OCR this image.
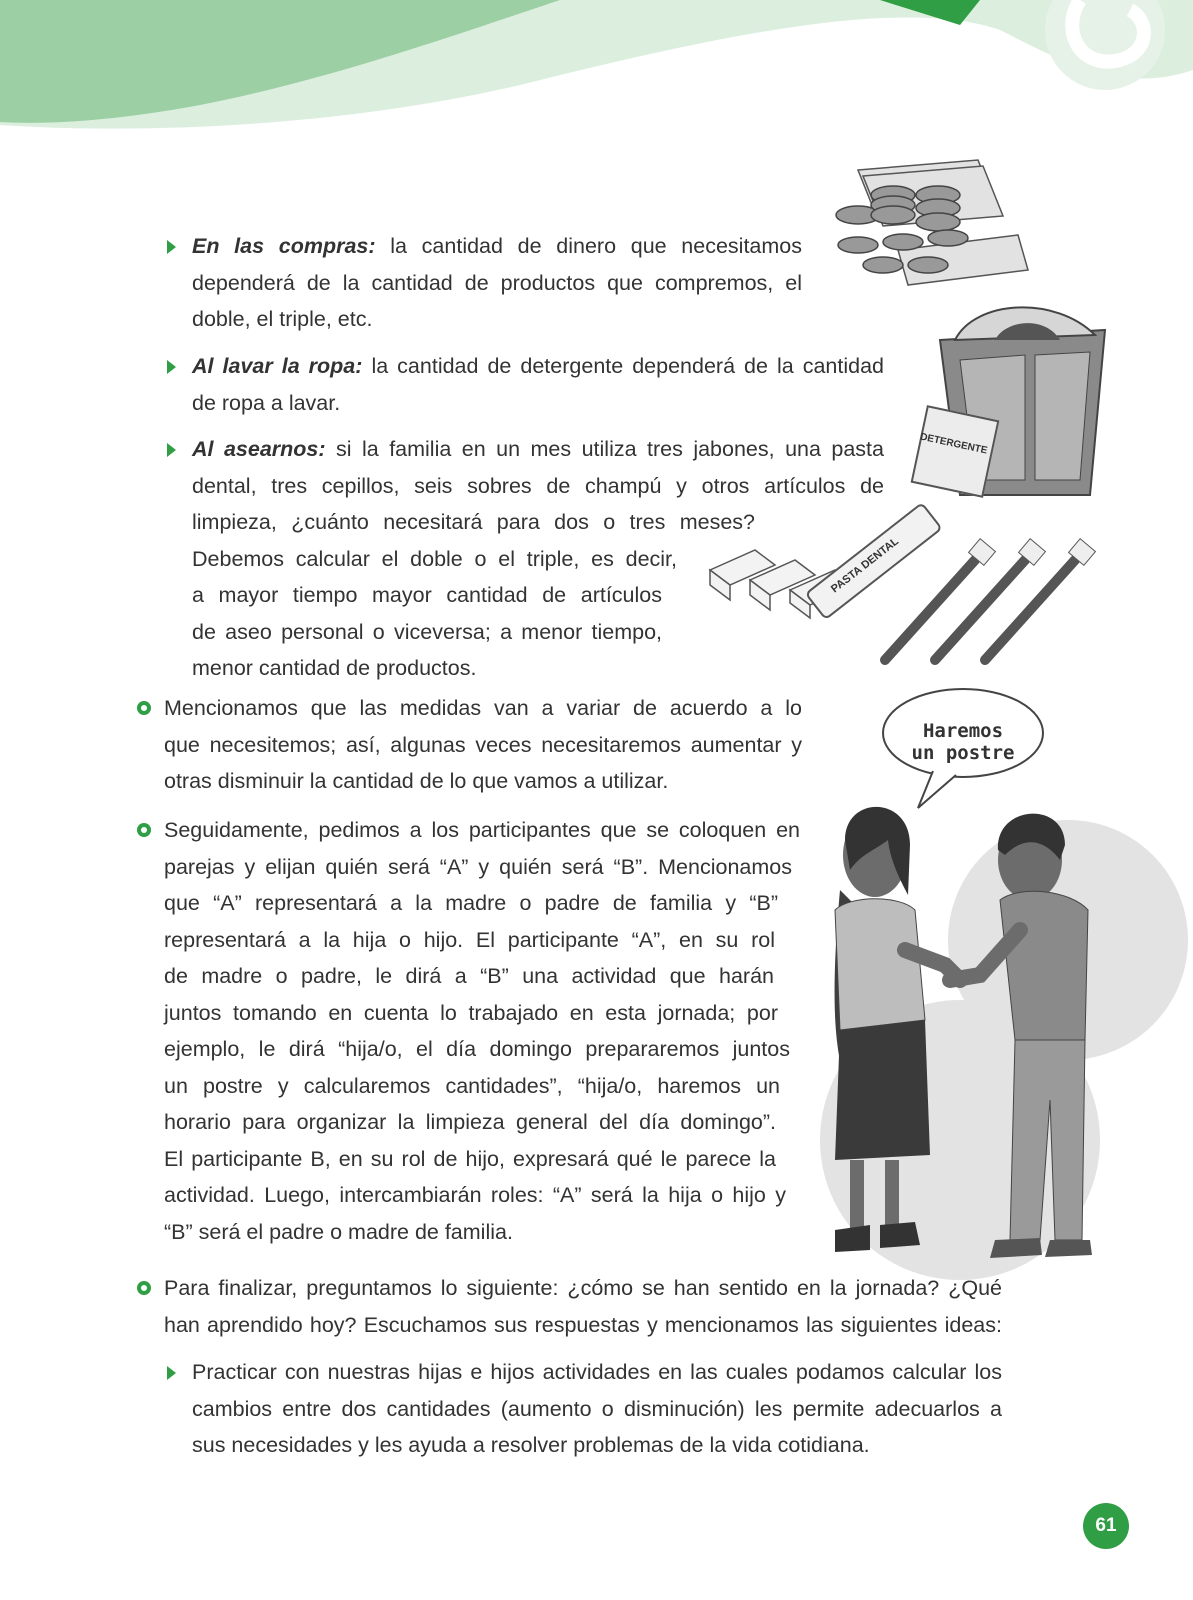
DETERGENTE
PASTA DENTAL
Haremos
un postre
En las compras: la cantidad de dinero que necesitamos
dependerá de la cantidad de productos que compremos, el
doble, el triple, etc.
Al lavar la ropa: la cantidad de detergente dependerá de la cantidad
de ropa a lavar.
Al asearnos: si la familia en un mes utiliza tres jabones, una pasta
dental, tres cepillos, seis sobres de champú y otros artículos de
limpieza, ¿cuánto necesitará para dos o tres meses?
Debemos calcular el doble o el triple, es decir,
a mayor tiempo mayor cantidad de artículos
de aseo personal o viceversa; a menor tiempo,
menor cantidad de productos.
Mencionamos que las medidas van a variar de acuerdo a lo
que necesitemos; así, algunas veces necesitaremos aumentar y
otras disminuir la cantidad de lo que vamos a utilizar.
Seguidamente, pedimos a los participantes que se coloquen en
parejas y elijan quién será “A” y quién será “B”. Mencionamos
que “A” representará a la madre o padre de familia y “B”
representará a la hija o hijo. El participante “A”, en su rol
de madre o padre, le dirá a “B” una actividad que harán
juntos tomando en cuenta lo trabajado en esta jornada; por
ejemplo, le dirá “hija/o, el día domingo prepararemos juntos
un postre y calcularemos cantidades”, “hija/o, haremos un
horario para organizar la limpieza general del día domingo”.
El participante B, en su rol de hijo, expresará qué le parece la
actividad. Luego, intercambiarán roles: “A” será la hija o hijo y
“B” será el padre o madre de familia.
Para finalizar, preguntamos lo siguiente: ¿cómo se han sentido en la jornada? ¿Qué
han aprendido hoy? Escuchamos sus respuestas y mencionamos las siguientes ideas:
Practicar con nuestras hijas e hijos actividades en las cuales podamos calcular los
cambios entre dos cantidades (aumento o disminución) les permite adecuarlos a
sus necesidades y les ayuda a resolver problemas de la vida cotidiana.
61
